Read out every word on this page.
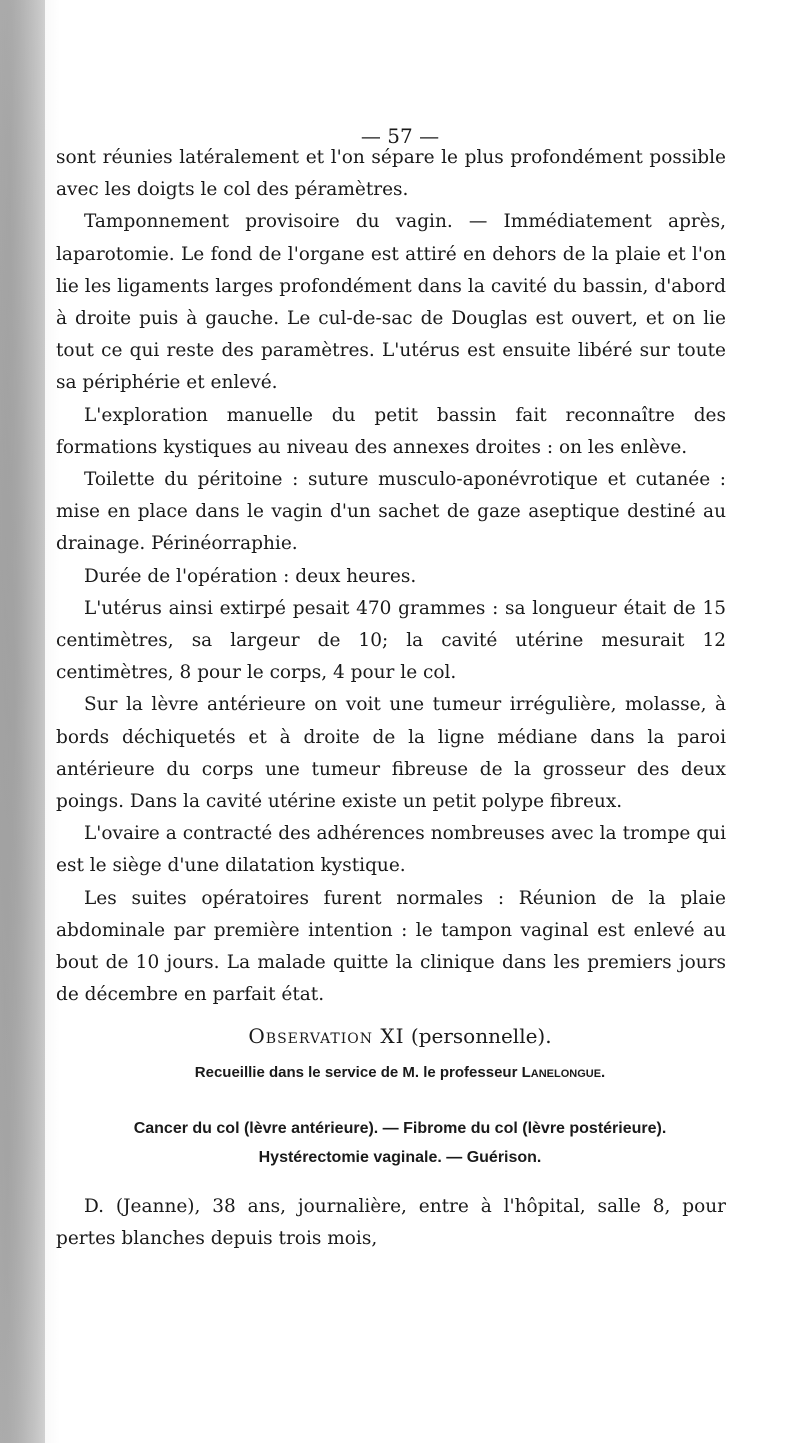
— 57 —

sont réunies latéralement et l'on sépare le plus profondément possible avec les doigts le col des péramètres.

Tamponnement provisoire du vagin. — Immédiatement après, laparotomie. Le fond de l'organe est attiré en dehors de la plaie et l'on lie les ligaments larges profondément dans la cavité du bassin, d'abord à droite puis à gauche. Le cul-de-sac de Douglas est ouvert, et on lie tout ce qui reste des paramètres. L'utérus est ensuite libéré sur toute sa périphérie et enlevé.

L'exploration manuelle du petit bassin fait reconnaître des formations kystiques au niveau des annexes droites : on les enlève.

Toilette du péritoine : suture musculo-aponévrotique et cutanée : mise en place dans le vagin d'un sachet de gaze aseptique destiné au drainage. Périnéorraphie.

Durée de l'opération : deux heures.

L'utérus ainsi extirpé pesait 470 grammes : sa longueur était de 15 centimètres, sa largeur de 10; la cavité utérine mesurait 12 centimètres, 8 pour le corps, 4 pour le col.

Sur la lèvre antérieure on voit une tumeur irrégulière, molasse, à bords déchiquetés et à droite de la ligne médiane dans la paroi antérieure du corps une tumeur fibreuse de la grosseur des deux poings. Dans la cavité utérine existe un petit polype fibreux.

L'ovaire a contracté des adhérences nombreuses avec la trompe qui est le siège d'une dilatation kystique.

Les suites opératoires furent normales : Réunion de la plaie abdominale par première intention : le tampon vaginal est enlevé au bout de 10 jours. La malade quitte la clinique dans les premiers jours de décembre en parfait état.

Observation XI (personnelle).
Recueillie dans le service de M. le professeur Lanelongue.
Cancer du col (lèvre antérieure). — Fibrome du col (lèvre postérieure).
Hystérectomie vaginale. — Guérison.

D. (Jeanne), 38 ans, journalière, entre à l'hôpital, salle 8, pour pertes blanches depuis trois mois,
